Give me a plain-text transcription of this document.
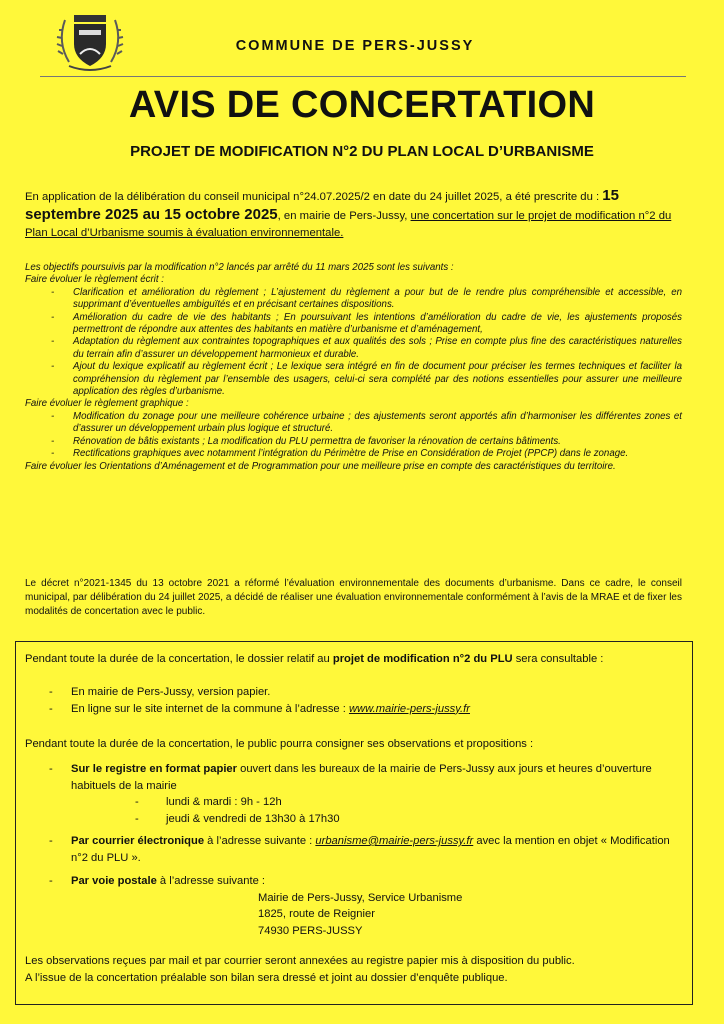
COMMUNE DE PERS-JUSSY
AVIS DE CONCERTATION
PROJET DE MODIFICATION N°2 DU PLAN LOCAL D’URBANISME
En application de la délibération du conseil municipal n°24.07.2025/2 en date du 24 juillet 2025, a été prescrite du : 15 septembre 2025 au 15 octobre 2025, en mairie de Pers-Jussy, une concertation sur le projet de modification n°2 du Plan Local d’Urbanisme soumis à évaluation environnementale.

Les objectifs poursuivis par la modification n°2 lancés par arrêté du 11 mars 2025 sont les suivants :

Faire évoluer le règlement écrit :

- Clarification et amélioration du règlement ; L’ajustement du règlement a pour but de le rendre plus compréhensible et accessible, en supprimant d’éventuelles ambiguïtés et en précisant certaines dispositions.
- Amélioration du cadre de vie des habitants ; En poursuivant les intentions d’amélioration du cadre de vie, les ajustements proposés permettront de répondre aux attentes des habitants en matière d’urbanisme et d’aménagement,
- Adaptation du règlement aux contraintes topographiques et aux qualités des sols ; Prise en compte plus fine des caractéristiques naturelles du terrain afin d’assurer un développement harmonieux et durable.
- Ajout du lexique explicatif au règlement écrit ; Le lexique sera intégré en fin de document pour préciser les termes techniques et faciliter la compréhension du règlement par l’ensemble des usagers, celui-ci sera complété par des notions essentielles pour assurer une meilleure application des règles d’urbanisme.

Faire évoluer le règlement graphique :

- Modification du zonage pour une meilleure cohérence urbaine ; des ajustements seront apportés afin d’harmoniser les différentes zones et d’assurer un développement urbain plus logique et structuré.
- Rénovation de bâtis existants ; La modification du PLU permettra de favoriser la rénovation de certains bâtiments.
- Rectifications graphiques avec notamment l’intégration du Périmètre de Prise en Considération de Projet (PPCP) dans le zonage.

Faire évoluer les Orientations d’Aménagement et de Programmation pour une meilleure prise en compte des caractéristiques du territoire.

Le décret n°2021-1345 du 13 octobre 2021 a réformé l’évaluation environnementale des documents d’urbanisme. Dans ce cadre, le conseil municipal, par délibération du 24 juillet 2025, a décidé de réaliser une évaluation environnementale conformément à l’avis de la MRAE et de fixer les modalités de concertation avec le public.
Pendant toute la durée de la concertation, le dossier relatif au projet de modification n°2 du PLU sera consultable :
- En mairie de Pers-Jussy, version papier.
- En ligne sur le site internet de la commune à l’adresse : www.mairie-pers-jussy.fr
Pendant toute la durée de la concertation, le public pourra consigner ses observations et propositions :
- Sur le registre en format papier ouvert dans les bureaux de la mairie de Pers-Jussy aux jours et heures d’ouverture habituels de la mairie
- lundi & mardi : 9h - 12h
- jeudi & vendredi de 13h30 à 17h30
- Par courrier électronique à l’adresse suivante : urbanisme@mairie-pers-jussy.fr avec la mention en objet « Modification n°2 du PLU ».
- Par voie postale à l’adresse suivante :
Mairie de Pers-Jussy, Service Urbanisme
1825, route de Reignier
74930 PERS-JUSSY
Les observations reçues par mail et par courrier seront annexées au registre papier mis à disposition du public.
A l’issue de la concertation préalable son bilan sera dressé et joint au dossier d’enquête publique.
